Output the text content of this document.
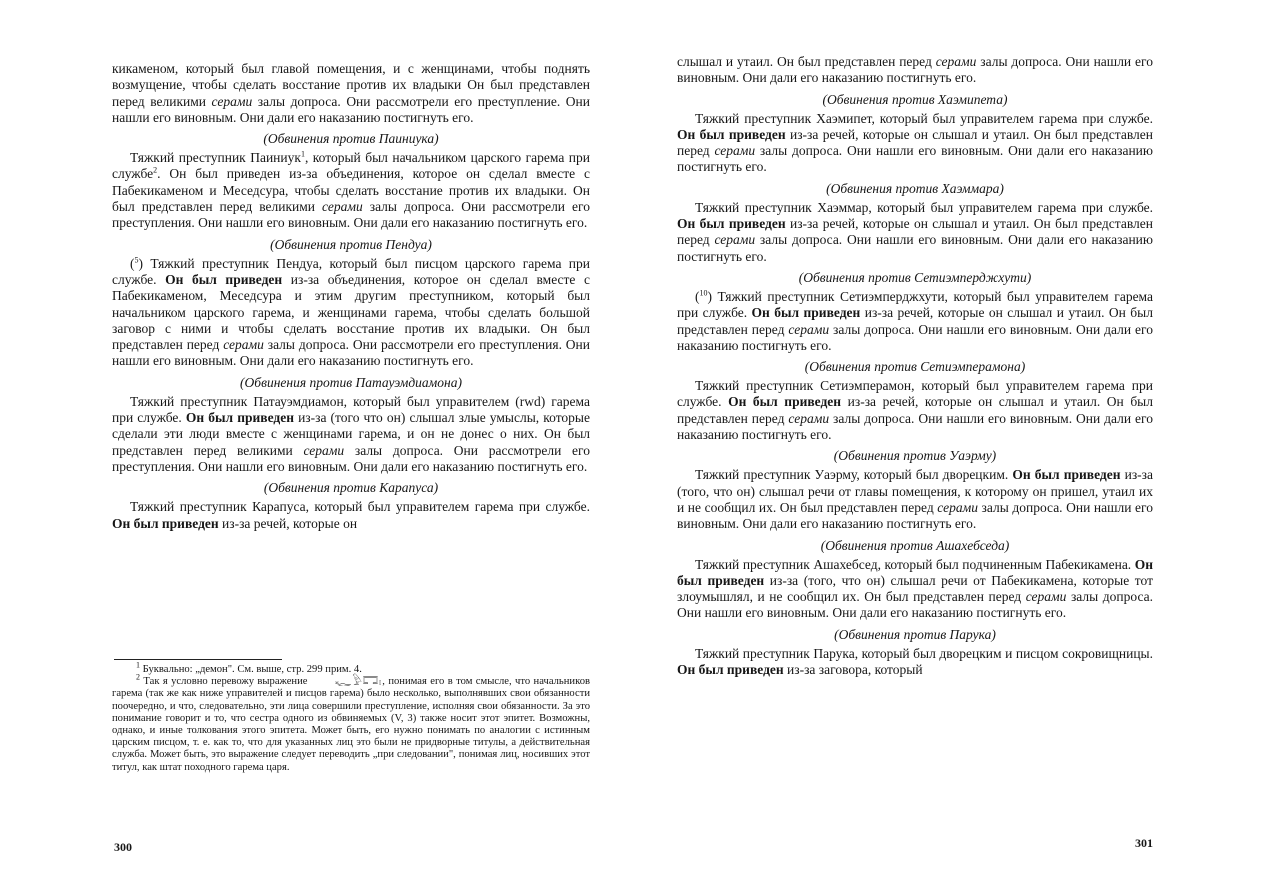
кикаменом, который был главой помещения, и с женщинами, чтобы поднять возмущение, чтобы сделать восстание против их владыки Он был представлен перед великими серами залы допроса. Они рассмотрели его преступление. Они нашли его виновным. Они дали его наказанию постигнуть его.

(Обвинения против Паиниука)

Тяжкий преступник Паиниук$^1$, который был начальником царского гарема при службе$^2$. Он был приведен из-за объединения, которое он сделал вместе с Пабекикаменом и Меседсура, чтобы сделать восстание против их владыки. Он был представлен перед великими серами залы допроса. Они рассмотрели его преступления. Они нашли его виновным. Они дали его наказанию постигнуть его.

(Обвинения против Пендуа)

($^5$) Тяжкий преступник Пендуа, который был писцом царского гарема при службе. Он был приведен из-за объединения, которое он сделал вместе с Пабекикаменом, Меседсура и этим другим преступником, который был начальником царского гарема, и женщинами гарема, чтобы сделать большой заговор с ними и чтобы сделать восстание против их владыки. Он был представлен перед серами залы допроса. Они рассмотрели его преступления. Они нашли его виновным. Они дали его наказанию постигнуть его.

(Обвинения против Патауэмдиамона)

Тяжкий преступник Патауэмдиамон, который был управителем (rwd) гарема при службе. Он был приведен из-за (того что он) слышал злые умыслы, которые сделали эти люди вместе с женщинами гарема, и он не донес о них. Он был представлен перед великими серами залы допроса. Они рассмотрели его преступления. Они нашли его виновным. Они дали его наказанию постигнуть его.

(Обвинения против Карапуса)

Тяжкий преступник Карапуса, который был управителем гарема при службе. Он был приведен из-за речей, которые он

$^1$ Буквально: „демон". См. выше, стр. 299 прим. 4.

$^2$ Так я условно перевожу выражение 𓆑𓅱𓉐𓏤, понимая его в том смысле, что начальников гарема (так же как ниже управителей и писцов гарема) было несколько, выполнявших свои обязанности поочередно, и что, следовательно, эти лица совершили преступление, исполняя свои обязанности. За это понимание говорит и то, что сестра одного из обвиняемых (V, 3) также носит этот эпитет. Возможны, однако, и иные толкования этого эпитета. Может быть, его нужно понимать по аналогии с истинным царским писцом, т. е. как то, что для указанных лиц это были не придворные титулы, а действительная служба. Может быть, это выражение следует переводить „при следовании", понимая лиц, носивших этот титул, как штат походного гарема царя.

300

слышал и утаил. Он был представлен перед серами залы допроса. Они нашли его виновным. Они дали его наказанию постигнуть его.

(Обвинения против Хаэмипета)

Тяжкий преступник Хаэмипет, который был управителем гарема при службе. Он был приведен из-за речей, которые он слышал и утаил. Он был представлен перед серами залы допроса. Они нашли его виновным. Они дали его наказанию постигнуть его.

(Обвинения против Хаэммара)

Тяжкий преступник Хаэммар, который был управителем гарема при службе. Он был приведен из-за речей, которые он слышал и утаил. Он был представлен перед серами залы допроса. Они нашли его виновным. Они дали его наказанию постигнуть его.

(Обвинения против Сетиэмперджхути)

($^{10}$) Тяжкий преступник Сетиэмперджхути, который был управителем гарема при службе. Он был приведен из-за речей, которые он слышал и утаил. Он был представлен перед серами залы допроса. Они нашли его виновным. Они дали его наказанию постигнуть его.

(Обвинения против Сетиэмперамона)

Тяжкий преступник Сетиэмперамон, который был управителем гарема при службе. Он был приведен из-за речей, которые он слышал и утаил. Он был представлен перед серами залы допроса. Они нашли его виновным. Они дали его наказанию постигнуть его.

(Обвинения против Уаэрму)

Тяжкий преступник Уаэрму, который был дворецким. Он был приведен из-за (того, что он) слышал речи от главы помещения, к которому он пришел, утаил их и не сообщил их. Он был представлен перед серами залы допроса. Они нашли его виновным. Они дали его наказанию постигнуть его.

(Обвинения против Ашахебседа)

Тяжкий преступник Ашахебсед, который был подчиненным Пабекикамена. Он был приведен из-за (того, что он) слышал речи от Пабекикамена, которые тот злоумышлял, и не сообщил их. Он был представлен перед серами залы допроса. Они нашли его виновным. Они дали его наказанию постигнуть его.

(Обвинения против Парука)

Тяжкий преступник Парука, который был дворецким и писцом сокровищницы. Он был приведен из-за заговора, который

301
